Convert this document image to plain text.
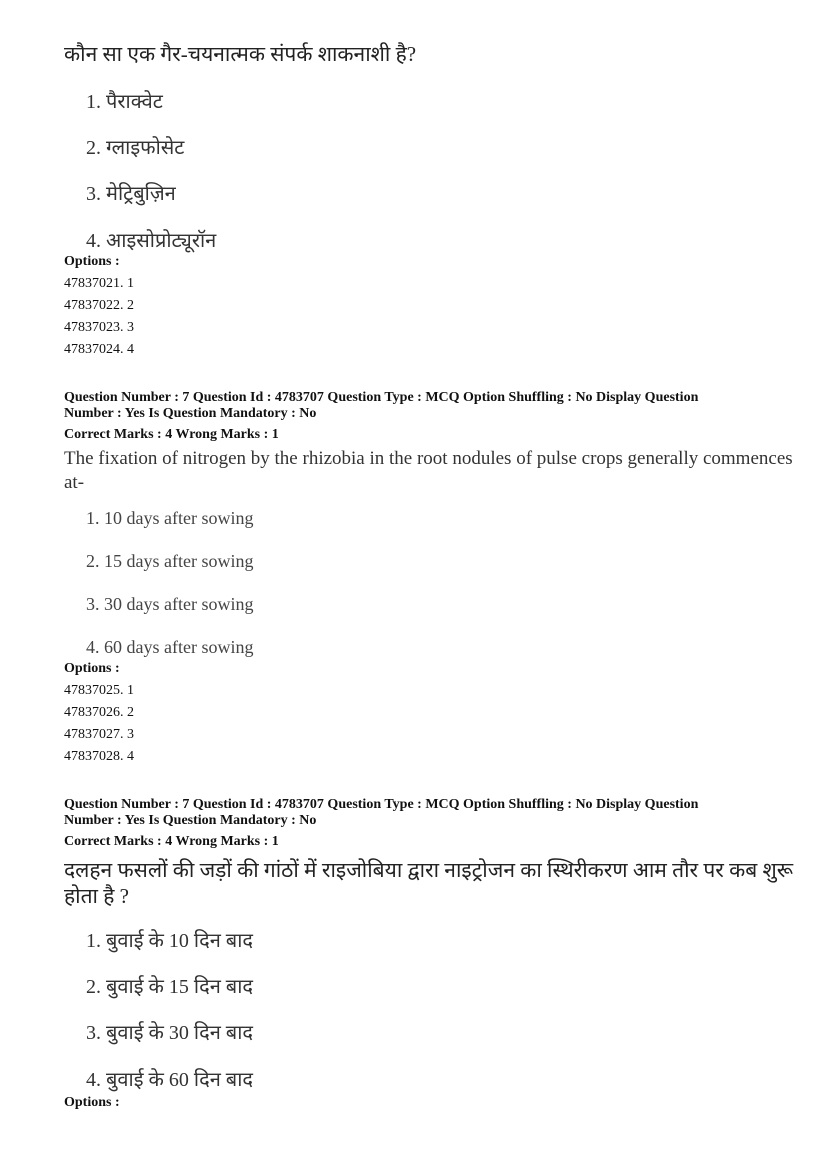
कौन सा एक गैर-चयनात्मक संपर्क शाकनाशी है?
1. पैराक्वेट
2. ग्लाइफोसेट
3. मेट्रिबुज़िन
4. आइसोप्रोट्यूरॉन
Options :
47837021. 1
47837022. 2
47837023. 3
47837024. 4
Question Number : 7 Question Id : 4783707 Question Type : MCQ Option Shuffling : No Display Question
Number : Yes Is Question Mandatory : No
Correct Marks : 4 Wrong Marks : 1
The fixation of nitrogen by the rhizobia in the root nodules of pulse crops generally commences at-
1. 10 days after sowing
2. 15 days after sowing
3. 30 days after sowing
4. 60 days after sowing
Options :
47837025. 1
47837026. 2
47837027. 3
47837028. 4
Question Number : 7 Question Id : 4783707 Question Type : MCQ Option Shuffling : No Display Question
Number : Yes Is Question Mandatory : No
Correct Marks : 4 Wrong Marks : 1
दलहन फसलों की जड़ों की गांठों में राइजोबिया द्वारा नाइट्रोजन का स्थिरीकरण आम तौर पर कब शुरू
होता है ?
1. बुवाई के 10 दिन बाद
2. बुवाई के 15 दिन बाद
3. बुवाई के 30 दिन बाद
4. बुवाई के 60 दिन बाद
Options :
